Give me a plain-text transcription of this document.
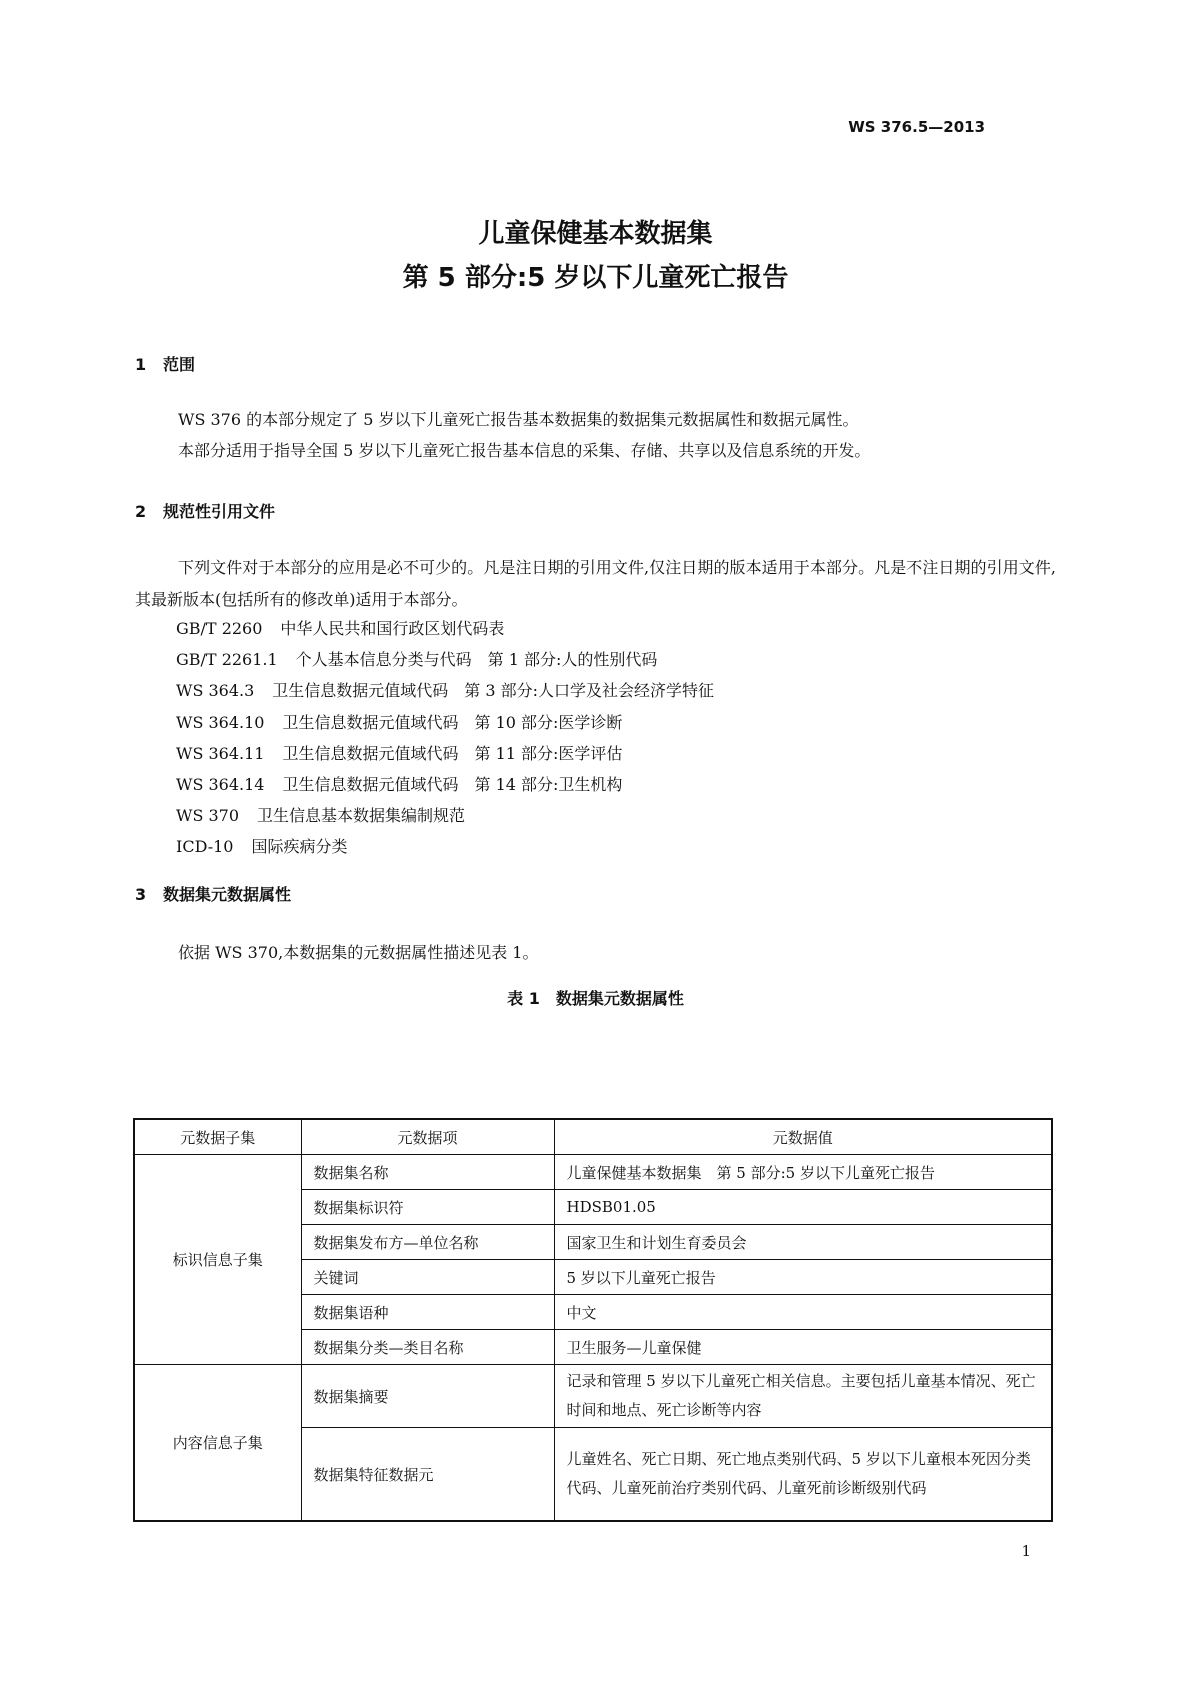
WS 376.5—2013
儿童保健基本数据集
第 5 部分:5 岁以下儿童死亡报告
1 范围
WS 376 的本部分规定了 5 岁以下儿童死亡报告基本数据集的数据集元数据属性和数据元属性。
本部分适用于指导全国 5 岁以下儿童死亡报告基本信息的采集、存储、共享以及信息系统的开发。
2 规范性引用文件
下列文件对于本部分的应用是必不可少的。凡是注日期的引用文件,仅注日期的版本适用于本部分。凡是不注日期的引用文件,其最新版本(包括所有的修改单)适用于本部分。
GB/T 2260 中华人民共和国行政区划代码表
GB/T 2261.1 个人基本信息分类与代码　第 1 部分:人的性别代码
WS 364.3 卫生信息数据元值域代码　第 3 部分:人口学及社会经济学特征
WS 364.10 卫生信息数据元值域代码　第 10 部分:医学诊断
WS 364.11 卫生信息数据元值域代码　第 11 部分:医学评估
WS 364.14 卫生信息数据元值域代码　第 14 部分:卫生机构
WS 370 卫生信息基本数据集编制规范
ICD-10 国际疾病分类
3 数据集元数据属性
依据 WS 370,本数据集的元数据属性描述见表 1。
表 1　数据集元数据属性
元数据子集	元数据项	元数据值
标识信息子集	数据集名称	儿童保健基本数据集　第 5 部分:5 岁以下儿童死亡报告
	数据集标识符	HDSB01.05
	数据集发布方—单位名称	国家卫生和计划生育委员会
	关键词	5 岁以下儿童死亡报告
	数据集语种	中文
	数据集分类—类目名称	卫生服务—儿童保健
内容信息子集	数据集摘要	记录和管理 5 岁以下儿童死亡相关信息。主要包括儿童基本情况、死亡时间和地点、死亡诊断等内容
	数据集特征数据元	儿童姓名、死亡日期、死亡地点类别代码、5 岁以下儿童根本死因分类代码、儿童死前治疗类别代码、儿童死前诊断级别代码
1
